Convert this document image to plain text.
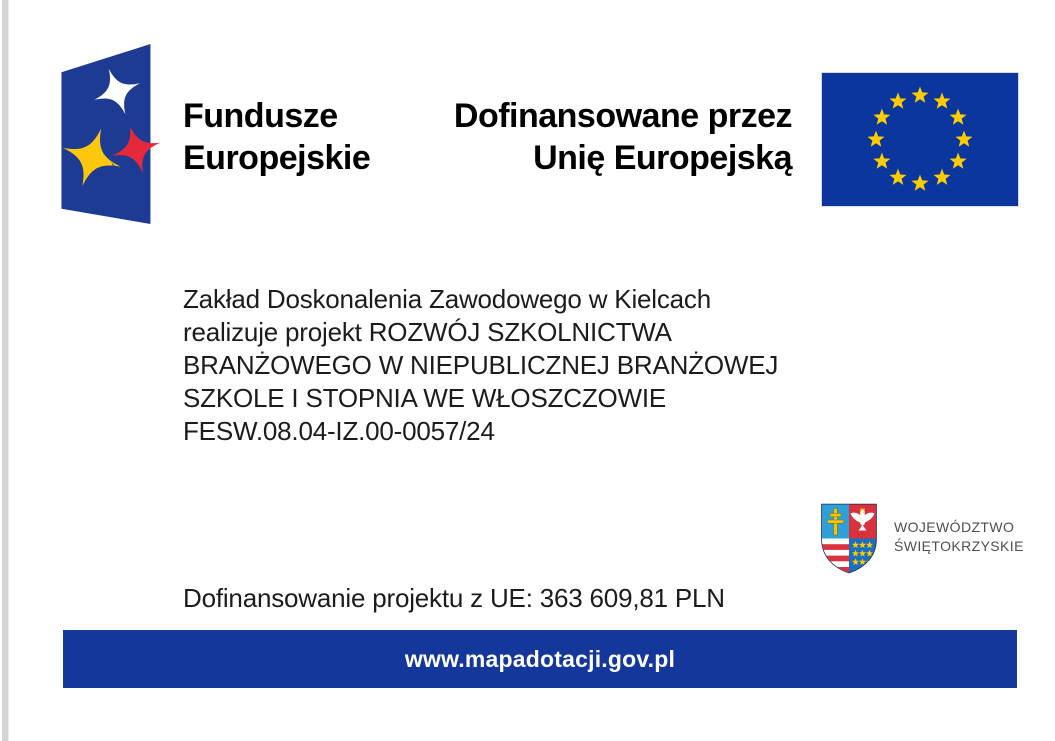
Fundusze
Europejskie
Dofinansowane przez
Unię Europejską
Zakład Doskonalenia Zawodowego w Kielcach
realizuje projekt ROZWÓJ SZKOLNICTWA
BRANŻOWEGO W NIEPUBLICZNEJ BRANŻOWEJ
SZKOLE I STOPNIA WE WŁOSZCZOWIE
FESW.08.04-IZ.00-0057/24
WOJEWÓDZTWO
ŚWIĘTOKRZYSKIE
Dofinansowanie projektu z UE: 363 609,81 PLN
www.mapadotacji.gov.pl
